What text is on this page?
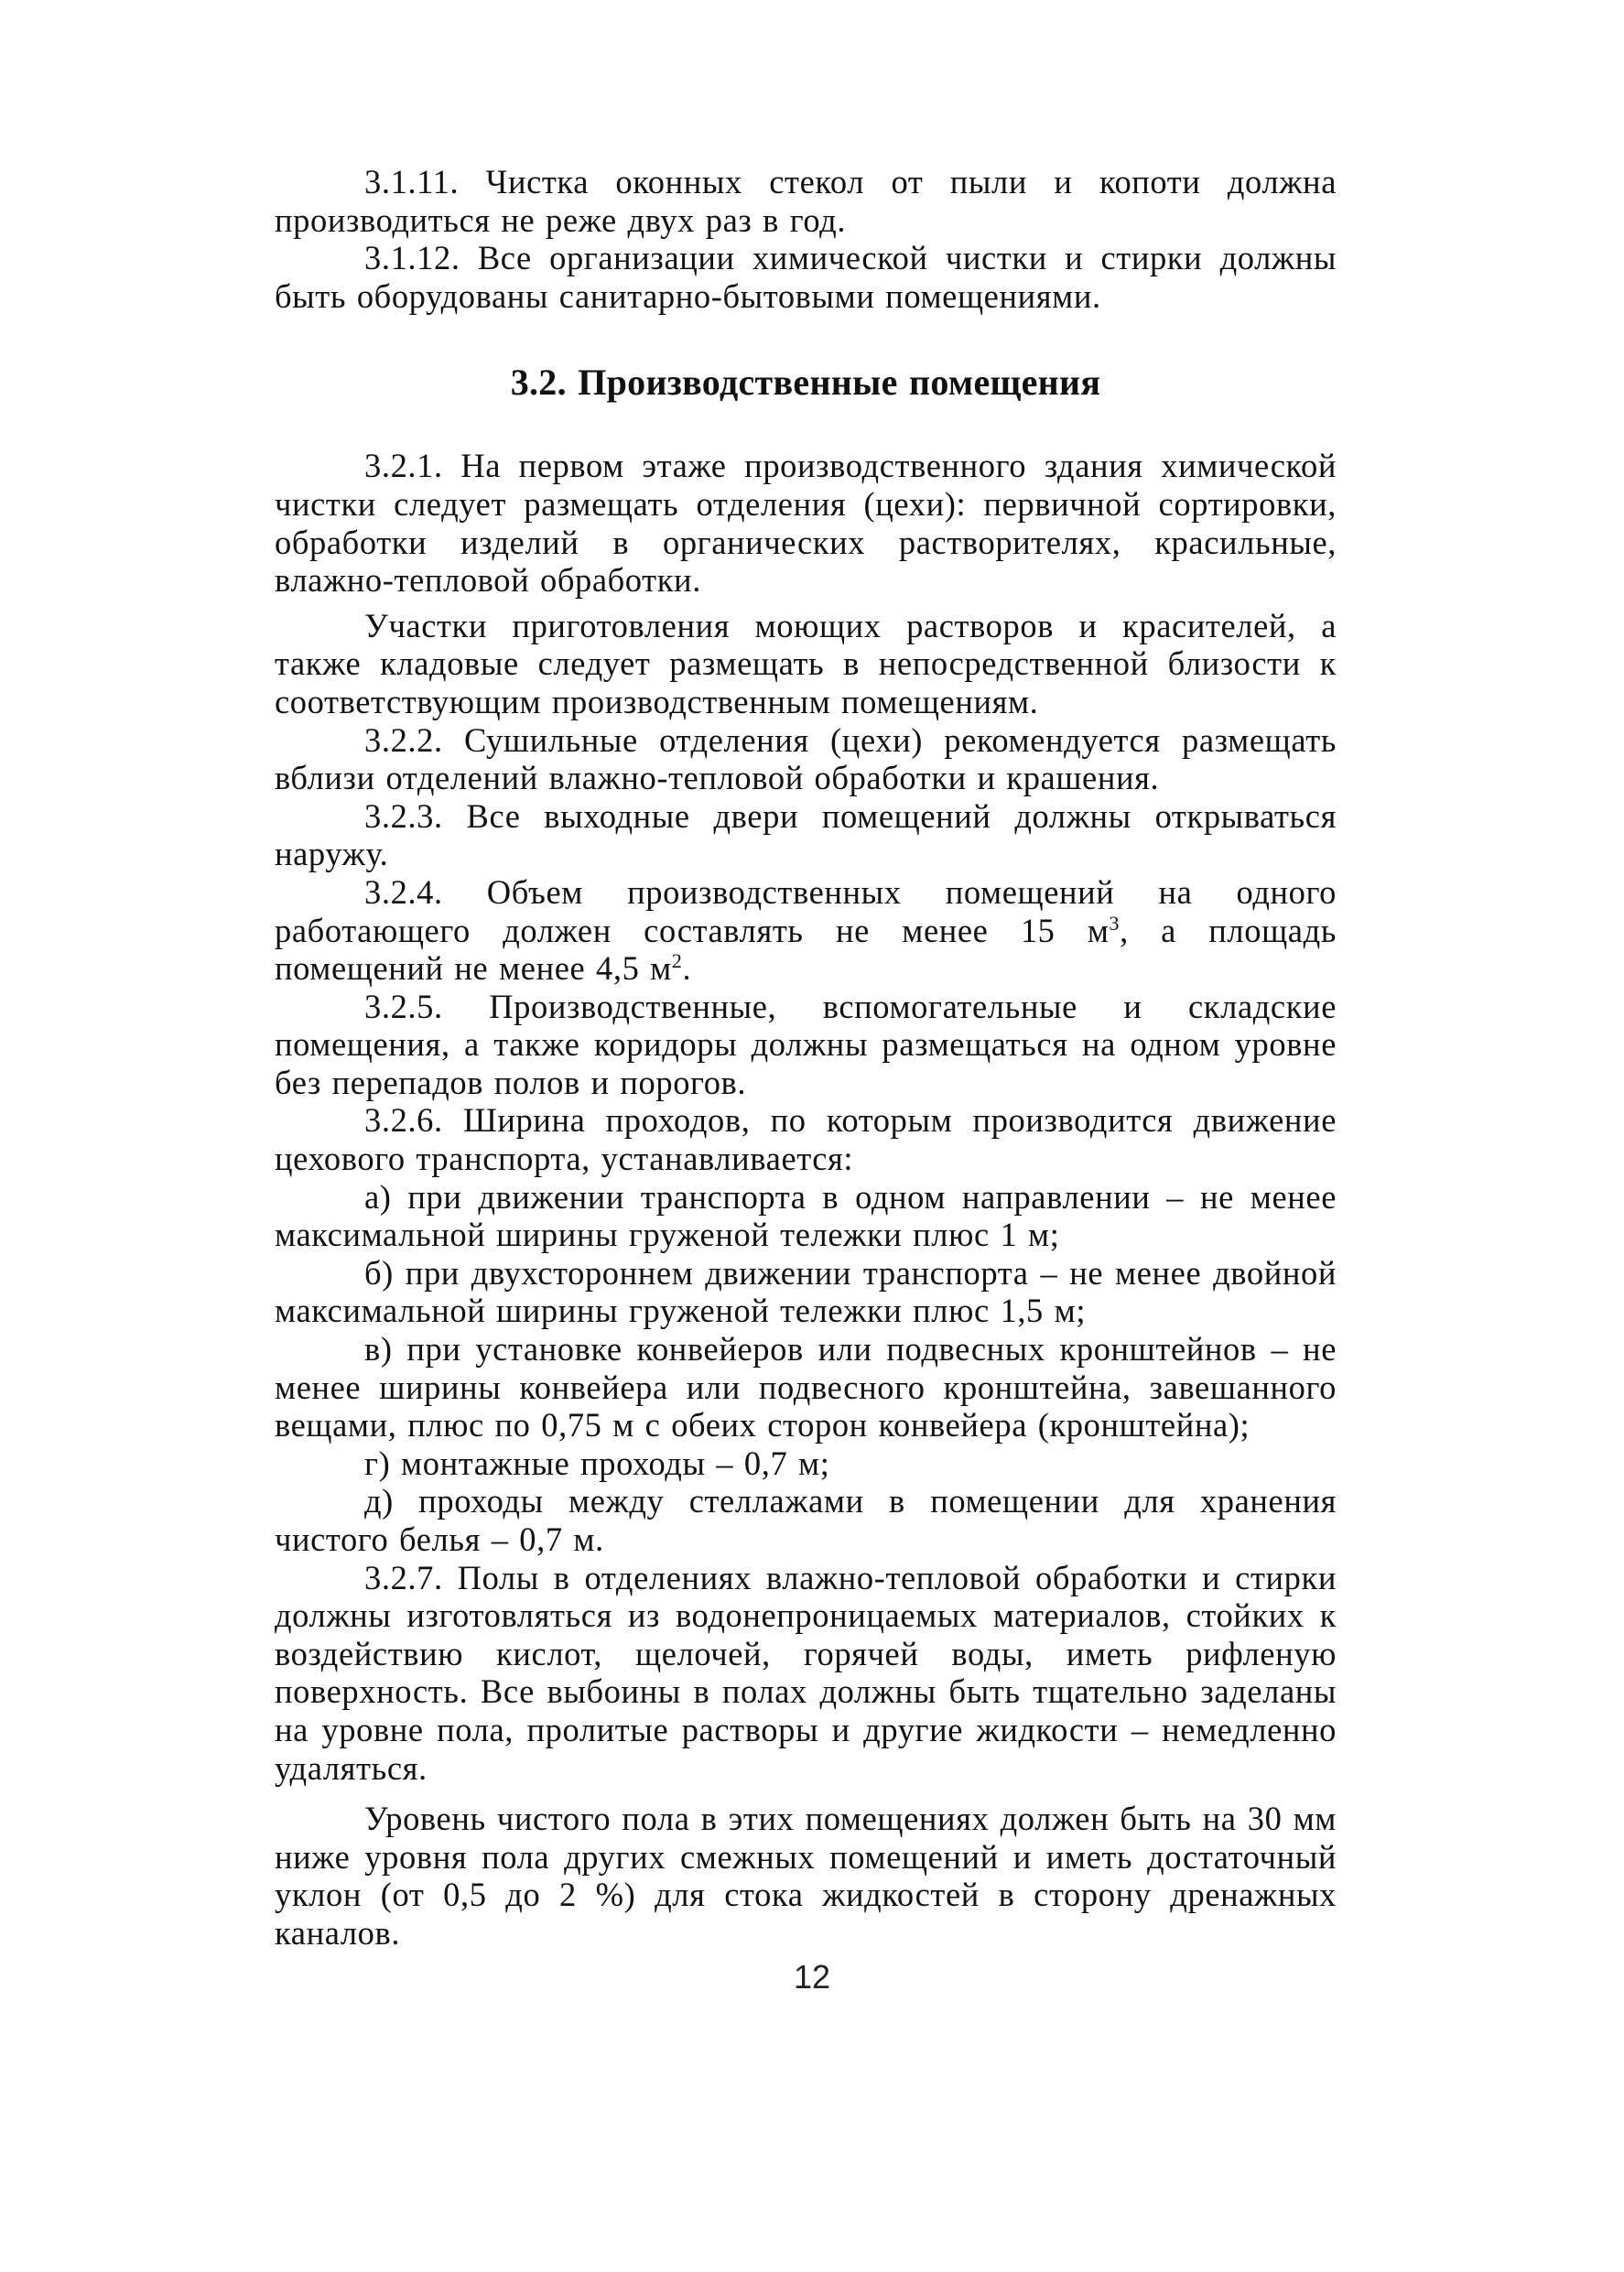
3.1.11. Чистка оконных стекол от пыли и копоти должна производиться не реже двух раз в год.

3.1.12. Все организации химической чистки и стирки должны быть оборудованы санитарно-бытовыми помещениями.

3.2. Производственные помещения

3.2.1. На первом этаже производственного здания химической чистки следует размещать отделения (цехи): первичной сортировки, обработки изделий в органических растворителях, красильные, влажно-тепловой обработки.

Участки приготовления моющих растворов и красителей, а также кладовые следует размещать в непосредственной близости к соответствующим производственным помещениям.

3.2.2. Сушильные отделения (цехи) рекомендуется размещать вблизи отделений влажно-тепловой обработки и крашения.

3.2.3. Все выходные двери помещений должны открываться наружу.

3.2.4. Объем производственных помещений на одного работающего должен составлять не менее 15 $м^3$, а площадь помещений не менее 4,5 $м^2$.

3.2.5. Производственные, вспомогательные и складские помещения, а также коридоры должны размещаться на одном уровне без перепадов полов и порогов.

3.2.6. Ширина проходов, по которым производится движение цехового транспорта, устанавливается:

а) при движении транспорта в одном направлении – не менее максимальной ширины груженой тележки плюс 1 м;

б) при двухстороннем движении транспорта – не менее двойной максимальной ширины груженой тележки плюс 1,5 м;

в) при установке конвейеров или подвесных кронштейнов – не менее ширины конвейера или подвесного кронштейна, завешанного вещами, плюс по 0,75 м с обеих сторон конвейера (кронштейна);

г) монтажные проходы – 0,7 м;

д) проходы между стеллажами в помещении для хранения чистого белья – 0,7 м.

3.2.7. Полы в отделениях влажно-тепловой обработки и стирки должны изготовляться из водонепроницаемых материалов, стойких к воздействию кислот, щелочей, горячей воды, иметь рифленую поверхность. Все выбоины в полах должны быть тщательно заделаны на уровне пола, пролитые растворы и другие жидкости – немедленно удаляться.

Уровень чистого пола в этих помещениях должен быть на 30 мм ниже уровня пола других смежных помещений и иметь достаточный уклон (от 0,5 до 2 %) для стока жидкостей в сторону дренажных каналов.

12
